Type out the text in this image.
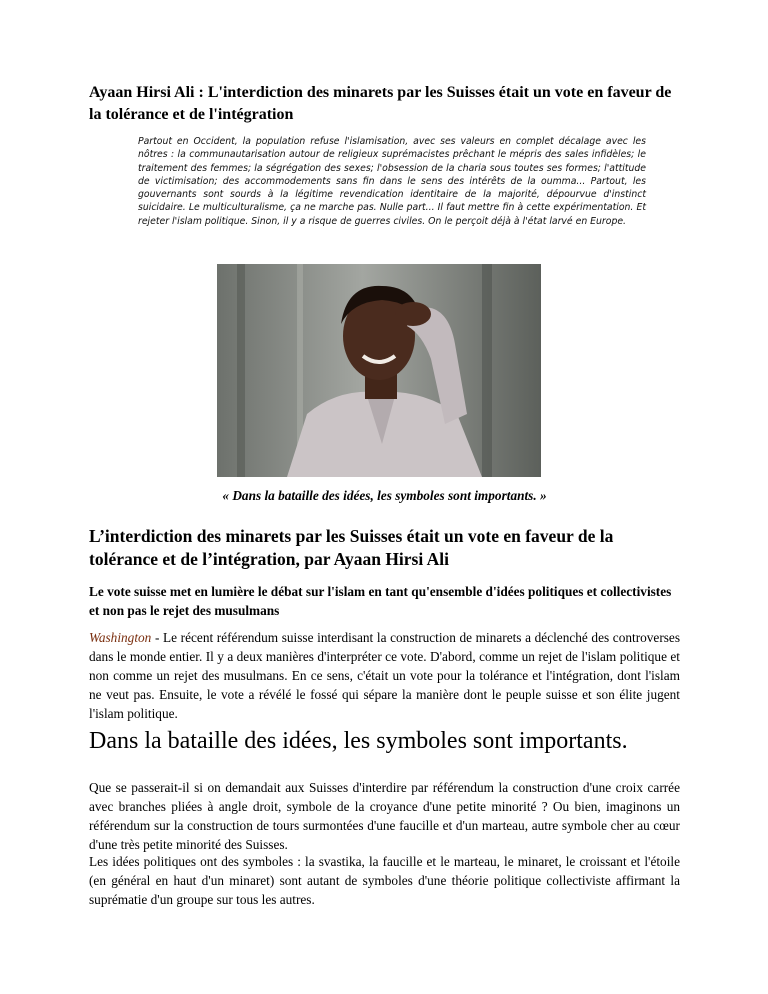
Ayaan Hirsi Ali : L'interdiction des minarets par les Suisses était un vote en faveur de la tolérance et de l'intégration

Partout en Occident, la population refuse l'islamisation, avec ses valeurs en complet décalage avec les nôtres : la communautarisation autour de religieux suprémacistes prêchant le mépris des sales infidèles; le traitement des femmes; la ségrégation des sexes; l'obsession de la charia sous toutes ses formes; l'attitude de victimisation; des accommodements sans fin dans le sens des intérêts de la oumma... Partout, les gouvernants sont sourds à la légitime revendication identitaire de la majorité, dépourvue d'instinct suicidaire. Le multiculturalisme, ça ne marche pas. Nulle part... Il faut mettre fin à cette expérimentation. Et rejeter l'islam politique. Sinon, il y a risque de guerres civiles. On le perçoit déjà à l'état larvé en Europe.

« Dans la bataille des idées, les symboles sont importants. »

L’interdiction des minarets par les Suisses était un vote en faveur de la tolérance et de l’intégration, par Ayaan Hirsi Ali

Le vote suisse met en lumière le débat sur l'islam en tant qu'ensemble d'idées politiques et collectivistes et non pas le rejet des musulmans

Washington - Le récent référendum suisse interdisant la construction de minarets a déclenché des controverses dans le monde entier. Il y a deux manières d'interpréter ce vote. D'abord, comme un rejet de l'islam politique et non comme un rejet des musulmans. En ce sens, c'était un vote pour la tolérance et l'intégration, dont l'islam ne veut pas. Ensuite, le vote a révélé le fossé qui sépare la manière dont le peuple suisse et son élite jugent l'islam politique.

Dans la bataille des idées, les symboles sont importants.

Que se passerait-il si on demandait aux Suisses d'interdire par référendum la construction d'une croix carrée avec branches pliées à angle droit, symbole de la croyance d'une petite minorité ? Ou bien, imaginons un référendum sur la construction de tours surmontées d'une faucille et d'un marteau, autre symbole cher au cœur d'une très petite minorité des Suisses.

Les idées politiques ont des symboles : la svastika, la faucille et le marteau, le minaret, le croissant et l'étoile (en général en haut d'un minaret) sont autant de symboles d'une théorie politique collectiviste affirmant la suprématie d'un groupe sur tous les autres.
